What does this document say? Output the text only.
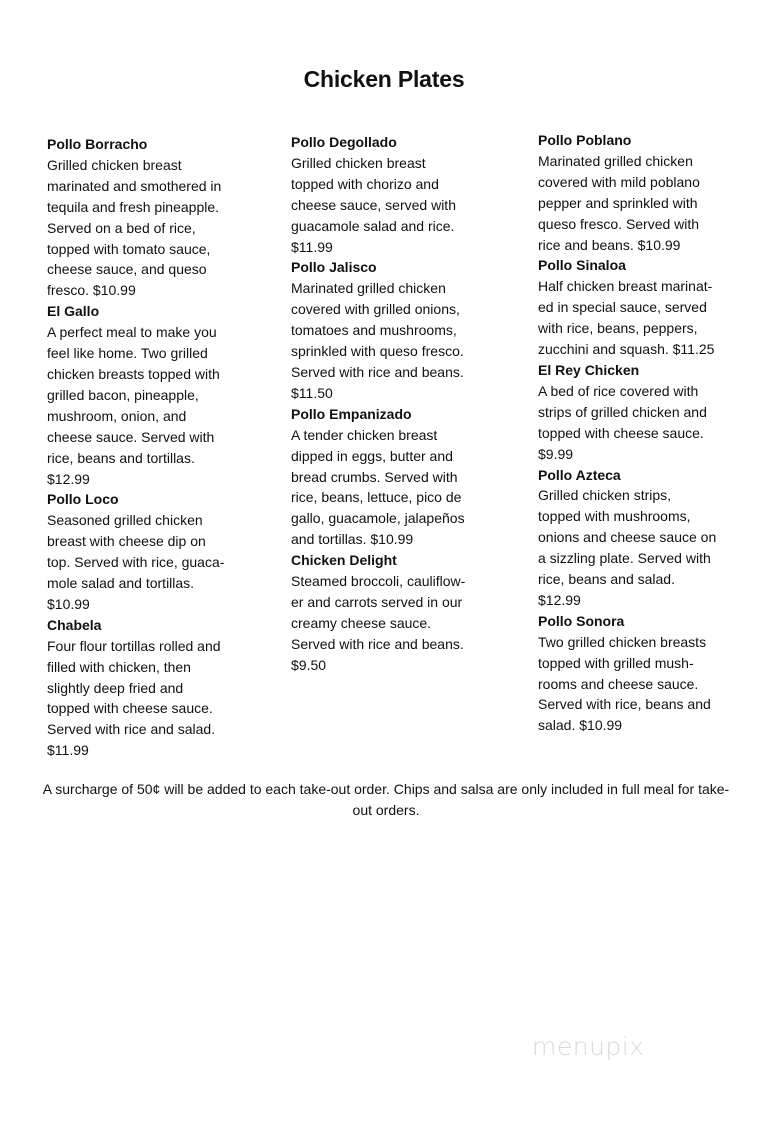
Chicken Plates
Pollo Borracho
Grilled chicken breast
marinated and smothered in
tequila and fresh pineapple.
Served on a bed of rice,
topped with tomato sauce,
cheese sauce, and queso
fresco. $10.99
El Gallo
A perfect meal to make you
feel like home. Two grilled
chicken breasts topped with
grilled bacon, pineapple,
mushroom, onion, and
cheese sauce. Served with
rice, beans and tortillas.
$12.99
Pollo Loco
Seasoned grilled chicken
breast with cheese dip on
top. Served with rice, guaca-
mole salad and tortillas.
$10.99
Chabela
Four flour tortillas rolled and
filled with chicken, then
slightly deep fried and
topped with cheese sauce.
Served with rice and salad.
$11.99
Pollo Degollado
Grilled chicken breast
topped with chorizo and
cheese sauce, served with
guacamole salad and rice.
$11.99
Pollo Jalisco
Marinated grilled chicken
covered with grilled onions,
tomatoes and mushrooms,
sprinkled with queso fresco.
Served with rice and beans.
$11.50
Pollo Empanizado
A tender chicken breast
dipped in eggs, butter and
bread crumbs. Served with
rice, beans, lettuce, pico de
gallo, guacamole, jalapeños
and tortillas. $10.99
Chicken Delight
Steamed broccoli, cauliflow-
er and carrots served in our
creamy cheese sauce.
Served with rice and beans.
$9.50
Pollo Poblano
Marinated grilled chicken
covered with mild poblano
pepper and sprinkled with
queso fresco. Served with
rice and beans. $10.99
Pollo Sinaloa
Half chicken breast marinat-
ed in special sauce, served
with rice, beans, peppers,
zucchini and squash. $11.25
El Rey Chicken
A bed of rice covered with
strips of grilled chicken and
topped with cheese sauce.
$9.99
Pollo Azteca
Grilled chicken strips,
topped with mushrooms,
onions and cheese sauce on
a sizzling plate. Served with
rice, beans and salad.
$12.99
Pollo Sonora
Two grilled chicken breasts
topped with grilled mush-
rooms and cheese sauce.
Served with rice, beans and
salad. $10.99
A surcharge of 50¢ will be added to each take-out order. Chips and salsa are only included in full meal for take-out orders.
menupix
